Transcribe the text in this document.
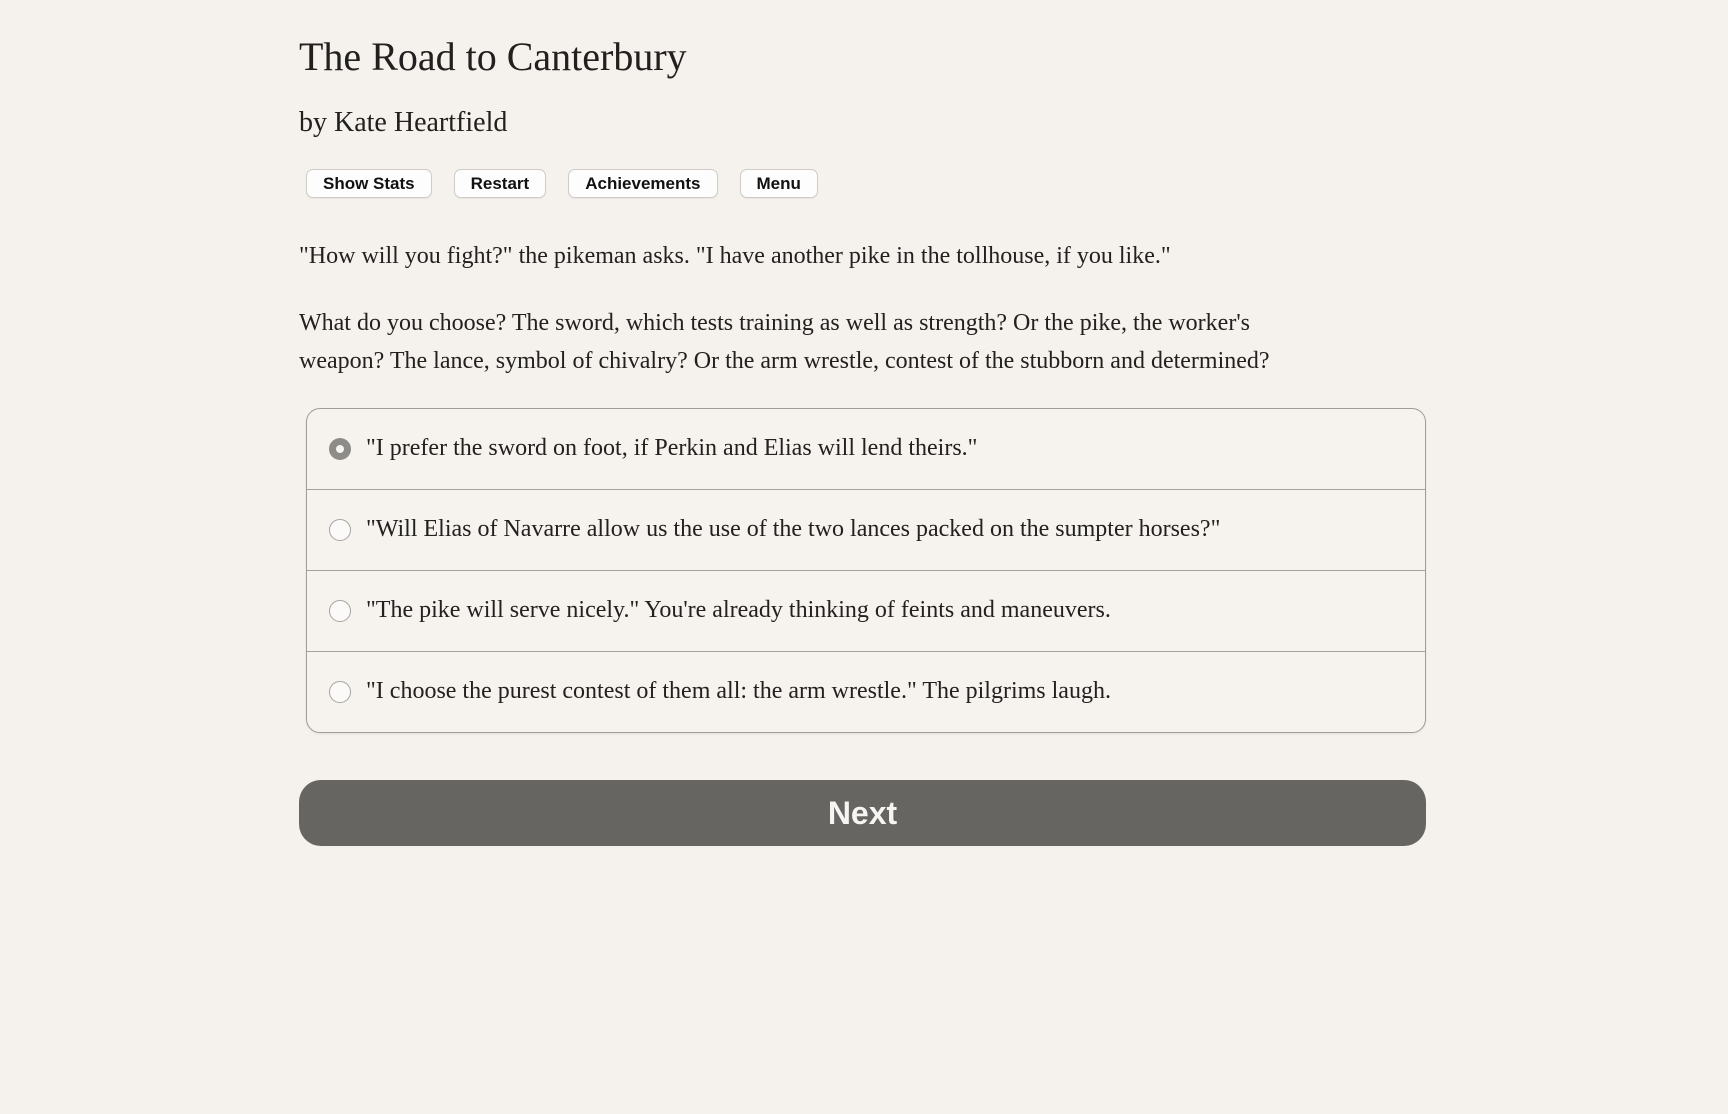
The Road to Canterbury
by Kate Heartfield
Show Stats	Restart	Achievements	Menu

"How will you fight?" the pikeman asks. "I have another pike in the tollhouse, if you like."

What do you choose? The sword, which tests training as well as strength? Or the pike, the worker's weapon? The lance, symbol of chivalry? Or the arm wrestle, contest of the stubborn and determined?

"I prefer the sword on foot, if Perkin and Elias will lend theirs."
"Will Elias of Navarre allow us the use of the two lances packed on the sumpter horses?"
"The pike will serve nicely." You're already thinking of feints and maneuvers.
"I choose the purest contest of them all: the arm wrestle." The pilgrims laugh.
Next
